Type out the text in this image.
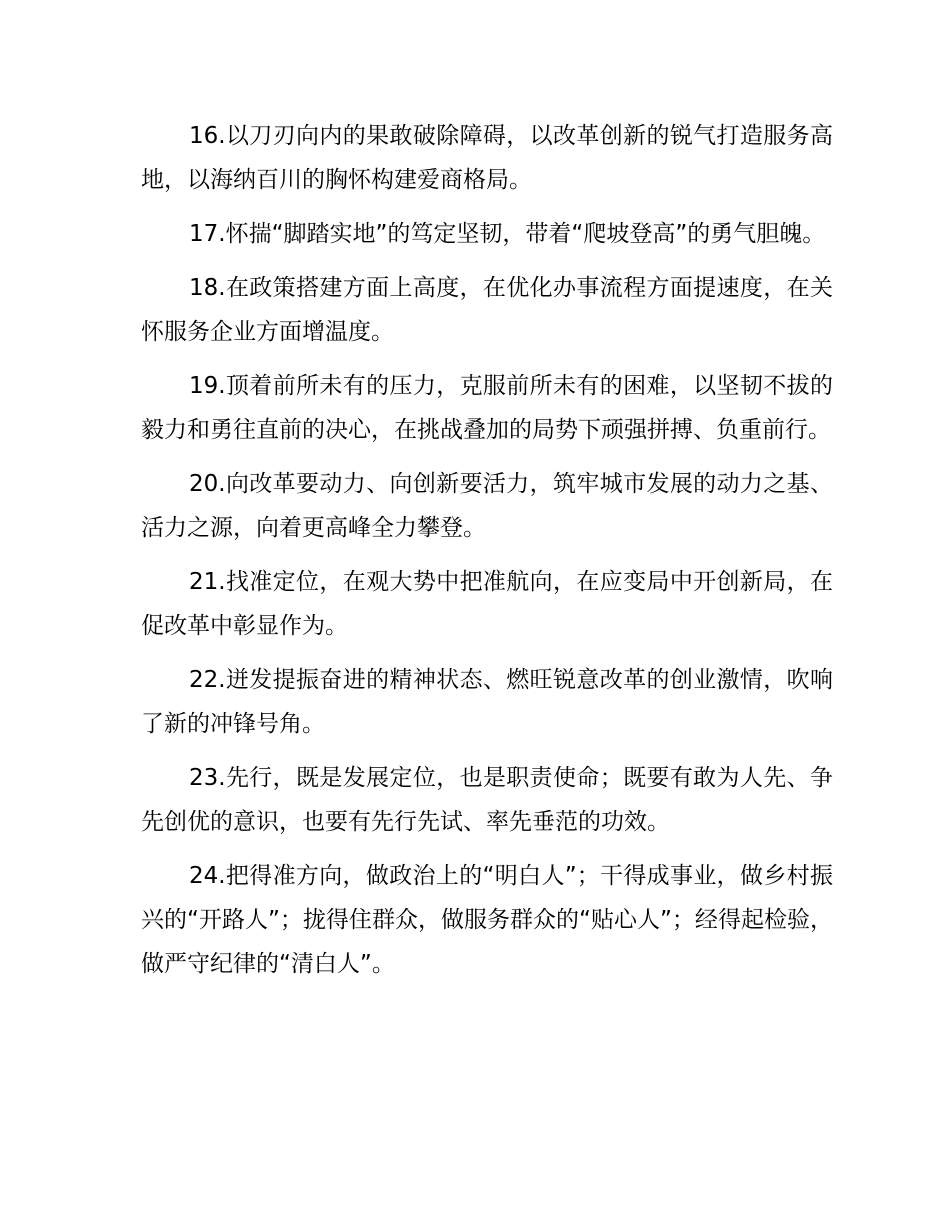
16.以刀刃向内的果敢破除障碍，以改革创新的锐气打造服务高地，以海纳百川的胸怀构建爱商格局。

17.怀揣“脚踏实地”的笃定坚韧，带着“爬坡登高”的勇气胆魄。

18.在政策搭建方面上高度，在优化办事流程方面提速度，在关怀服务企业方面增温度。

19.顶着前所未有的压力，克服前所未有的困难，以坚韧不拔的毅力和勇往直前的决心，在挑战叠加的局势下顽强拼搏、负重前行。

20.向改革要动力、向创新要活力，筑牢城市发展的动力之基、活力之源，向着更高峰全力攀登。

21.找准定位，在观大势中把准航向，在应变局中开创新局，在促改革中彰显作为。

22.迸发提振奋进的精神状态、燃旺锐意改革的创业激情，吹响了新的冲锋号角。

23.先行，既是发展定位，也是职责使命；既要有敢为人先、争先创优的意识，也要有先行先试、率先垂范的功效。

24.把得准方向，做政治上的“明白人”；干得成事业，做乡村振兴的“开路人”；拢得住群众，做服务群众的“贴心人”；经得起检验，做严守纪律的“清白人”。
